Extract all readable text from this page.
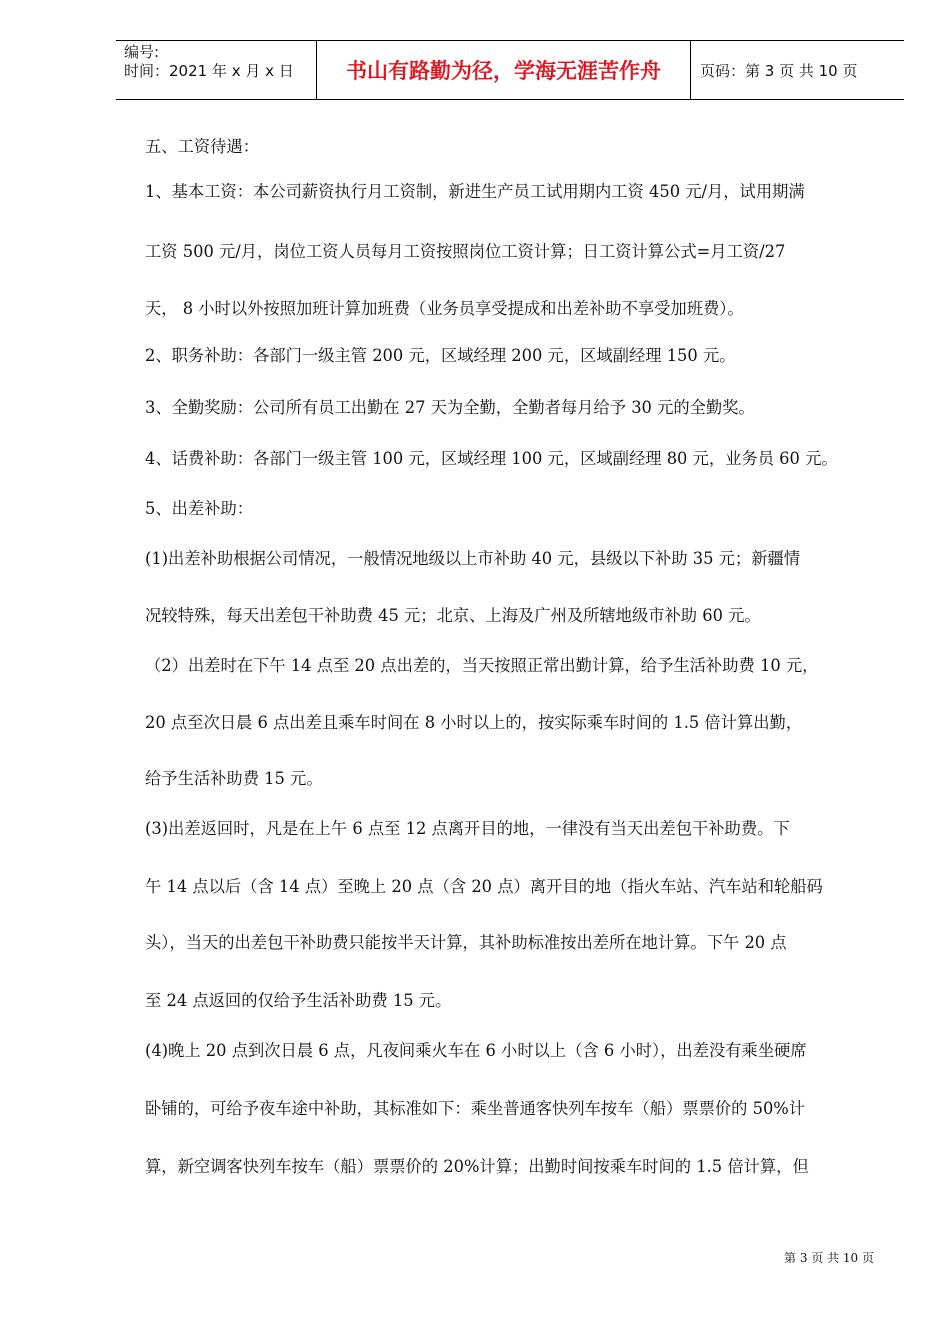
编号:
时间：2021 年 x 月 x 日	书山有路勤为径，学海无涯苦作舟	页码：第 3 页 共 10 页

五、工资待遇：

1、基本工资：本公司薪资执行月工资制，新进生产员工试用期内工资 450 元/月，试用期满

工资 500 元/月，岗位工资人员每月工资按照岗位工资计算；日工资计算公式=月工资/27

天， 8 小时以外按照加班计算加班费（业务员享受提成和出差补助不享受加班费）。

2、职务补助：各部门一级主管 200 元，区域经理 200 元，区域副经理 150 元。

3、全勤奖励：公司所有员工出勤在 27 天为全勤，全勤者每月给予 30 元的全勤奖。

4、话费补助：各部门一级主管 100 元，区域经理 100 元，区域副经理 80 元，业务员 60 元。

5、出差补助：

(1)出差补助根据公司情况，一般情况地级以上市补助 40 元，县级以下补助 35 元；新疆情

况较特殊，每天出差包干补助费 45 元；北京、上海及广州及所辖地级市补助 60 元。

（2）出差时在下午 14 点至 20 点出差的，当天按照正常出勤计算，给予生活补助费 10 元，

20 点至次日晨 6 点出差且乘车时间在 8 小时以上的，按实际乘车时间的 1.5 倍计算出勤，

给予生活补助费 15 元。

(3)出差返回时，凡是在上午 6 点至 12 点离开目的地，一律没有当天出差包干补助费。下

午 14 点以后（含 14 点）至晚上 20 点（含 20 点）离开目的地（指火车站、汽车站和轮船码

头），当天的出差包干补助费只能按半天计算，其补助标准按出差所在地计算。下午 20 点

至 24 点返回的仅给予生活补助费 15 元。

(4)晚上 20 点到次日晨 6 点，凡夜间乘火车在 6 小时以上（含 6 小时），出差没有乘坐硬席

卧铺的，可给予夜车途中补助，其标准如下：乘坐普通客快列车按车（船）票票价的 50%计

算，新空调客快列车按车（船）票票价的 20%计算；出勤时间按乘车时间的 1.5 倍计算，但

第 3 页 共 10 页
